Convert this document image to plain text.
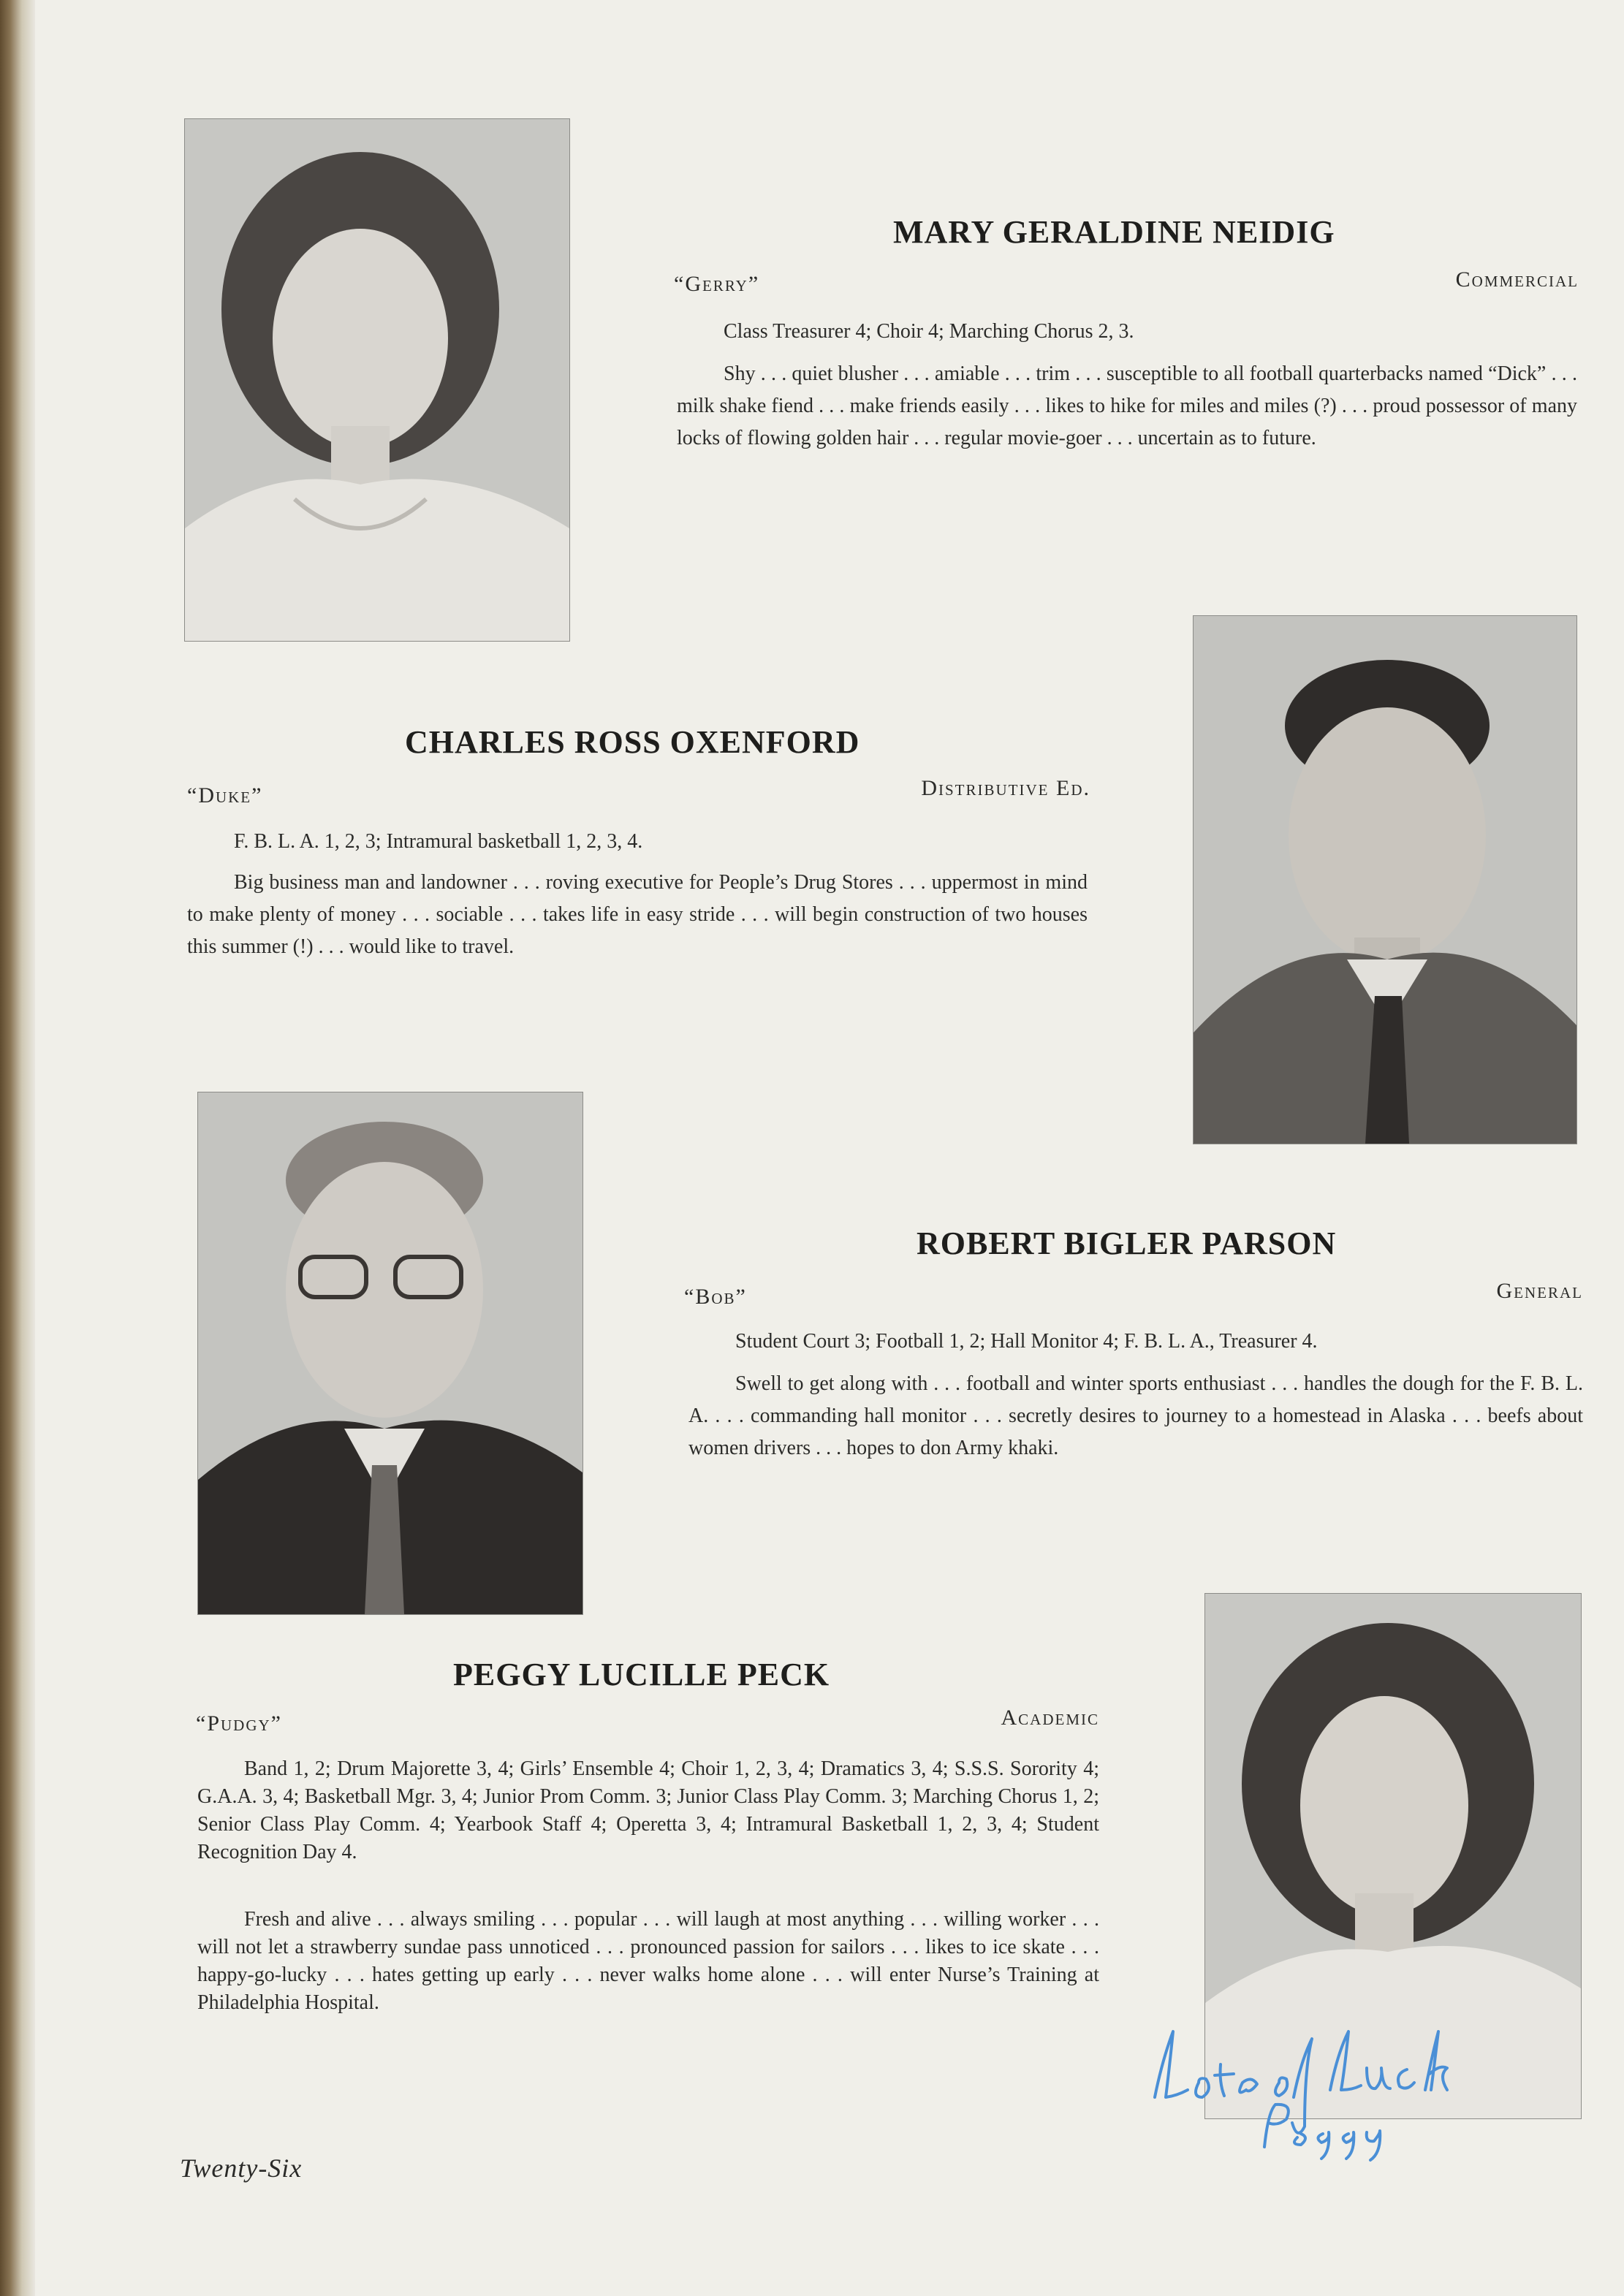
MARY GERALDINE NEIDIG
“Gerry”	Commercial

Class Treasurer 4; Choir 4; Marching Chorus 2, 3.

Shy . . . quiet blusher . . . amiable . . . trim . . . susceptible to all football quarterbacks named “Dick” . . . milk shake fiend . . . make friends easily . . . likes to hike for miles and miles (?) . . . proud possessor of many locks of flowing golden hair . . . regular movie-goer . . . uncertain as to future.

CHARLES ROSS OXENFORD
“Duke”	Distributive Ed.

F. B. L. A. 1, 2, 3; Intramural basketball 1, 2, 3, 4.

Big business man and landowner . . . roving executive for People’s Drug Stores . . . uppermost in mind to make plenty of money . . . sociable . . . takes life in easy stride . . . will begin construction of two houses this summer (!) . . . would like to travel.

ROBERT BIGLER PARSON
“Bob”	General

Student Court 3; Football 1, 2; Hall Monitor 4; F. B. L. A., Treasurer 4.

Swell to get along with . . . football and winter sports enthusiast . . . handles the dough for the F. B. L. A. . . . commanding hall monitor . . . secretly desires to journey to a homestead in Alaska . . . beefs about women drivers . . . hopes to don Army khaki.

PEGGY LUCILLE PECK
“Pudgy”	Academic

Band 1, 2; Drum Majorette 3, 4; Girls’ Ensemble 4; Choir 1, 2, 3, 4; Dramatics 3, 4; S.S.S. Sorority 4; G.A.A. 3, 4; Basketball Mgr. 3, 4; Junior Prom Comm. 3; Junior Class Play Comm. 3; Marching Chorus 1, 2; Senior Class Play Comm. 4; Yearbook Staff 4; Operetta 3, 4; Intramural Basketball 1, 2, 3, 4; Student Recognition Day 4.

Fresh and alive . . . always smiling . . . popular . . . will laugh at most anything . . . willing worker . . . will not let a strawberry sundae pass unnoticed . . . pronounced passion for sailors . . . likes to ice skate . . . happy-go-lucky . . . hates getting up early . . . never walks home alone . . . will enter Nurse’s Training at Philadelphia Hospital.

Twenty-Six
